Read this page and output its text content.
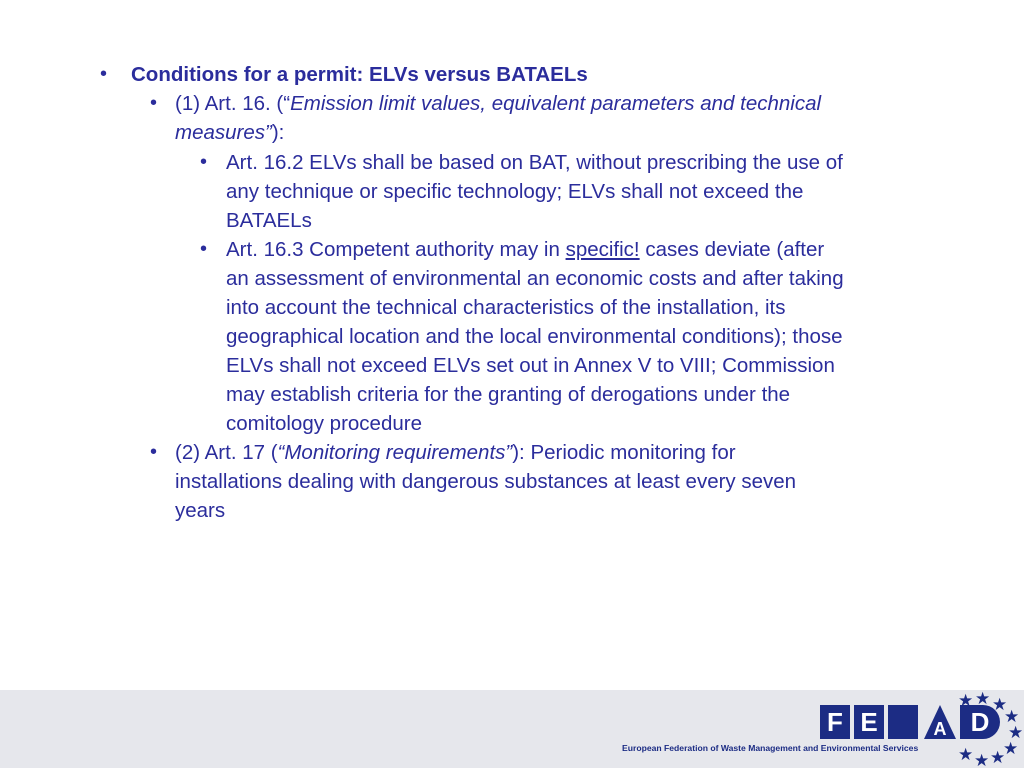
• Conditions for a permit: ELVs versus BATAELs
• (1) Art. 16. (“Emission limit values, equivalent parameters and technical
measures”):
• Art. 16.2 ELVs shall be based on BAT, without prescribing the use of
any technique or specific technology; ELVs shall not exceed the
BATAELs
• Art. 16.3 Competent authority may in specific! cases deviate (after
an assessment of environmental an economic costs and after taking
into account the technical characteristics of the installation, its
geographical location and the local environmental conditions); those
ELVs shall not exceed ELVs set out in Annex V to VIII; Commission
may establish criteria for the granting of derogations under the
comitology procedure
• (2) Art. 17 (“Monitoring requirements”): Periodic monitoring for
installations dealing with dangerous substances at least every seven
years
F E	A D
★ ★ ★
★
★
★
★
★
★
European Federation of Waste Management and Environmental Services
